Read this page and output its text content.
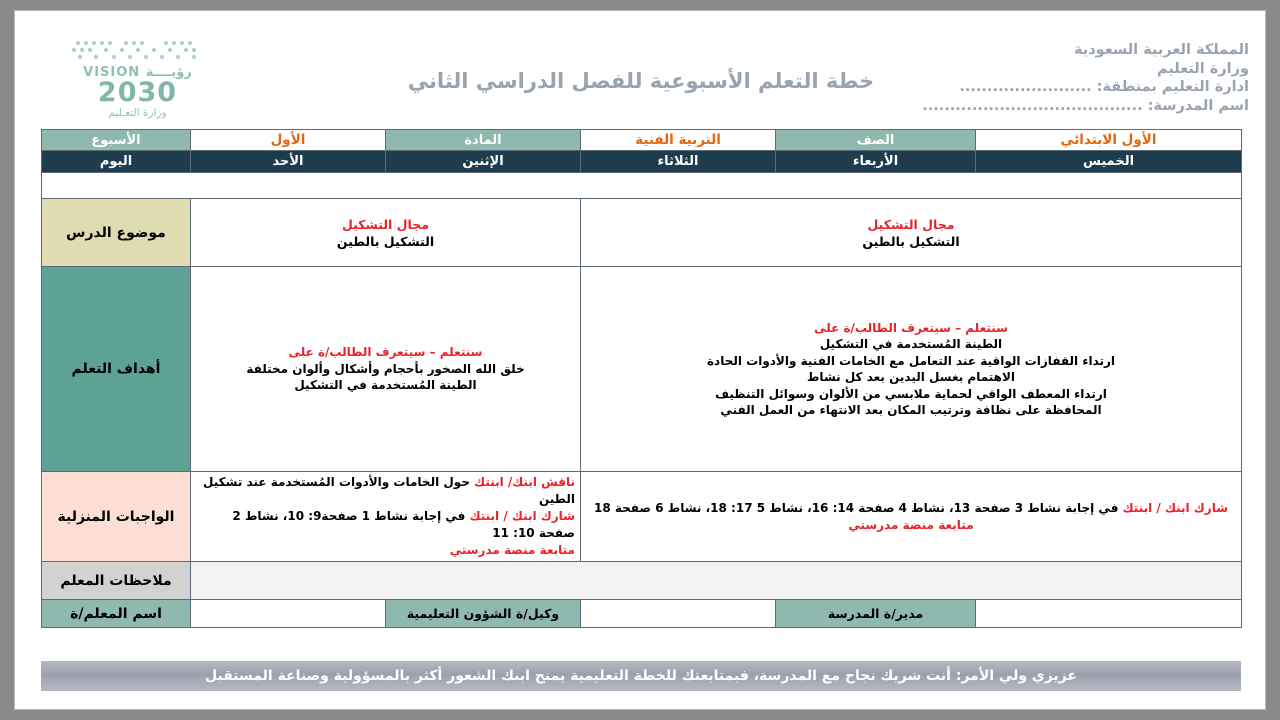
VISION رؤيــــة
2030
وزارة التعـليم
خطة التعلم الأسبوعية للفصل الدراسي الثاني
المملكة العربية السعودية
وزارة التعليم
ادارة التعليم بمنطقة: ........................
اسم المدرسة: ........................................
الأول الابتدائي	الصف	التربية الفنية	المادة	الأول	الأسبوع
الخميس	الأربعاء	الثلاثاء	الإثنين	الأحد	اليوم

مجال التشكيل
التشكيل بالطين

مجال التشكيل
التشكيل بالطين
	موضوع الدرس

سنتعلم – سيتعرف الطالب/ة على
الطينة المُستخدمة في التشكيل
ارتداء القفازات الواقية عند التعامل مع الخامات الفنية والأدوات الحادة
الاهتمام بغسل اليدين بعد كل نشاط
ارتداء المعطف الواقي لحماية ملابسي من الألوان وسوائل التنظيف
المحافظة على نظافة وترتيب المكان بعد الانتهاء من العمل الفني

سنتعلم – سيتعرف الطالب/ة على
خلق الله الصخور بأحجام وأشكال وألوان مختلفة
الطينة المُستخدمة في التشكيل
	أهداف التعلم

شارك ابنك / ابنتك في إجابة نشاط 3 صفحة 13، نشاط 4 صفحة 14: 16، نشاط 5 17: 18، نشاط 6 صفحة 18
متابعة منصة مدرستي

ناقش ابنك/ ابنتك حول الخامات والأدوات المُستخدمة عند تشكيل الطين
شارك ابنك / ابنتك في إجابة نشاط 1 صفحة9: 10، نشاط 2 صفحة 10: 11
متابعة منصة مدرستي
	الواجبات المنزلية
					ملاحظات المعلم
	مدير/ة المدرسة		وكيل/ة الشؤون التعليمية		اسم المعلم/ة
عزيزي ولي الأمر: أنت شريك نجاح مع المدرسة، فبمتابعتك للخطة التعليمية يمنح ابنك الشعور أكثر بالمسؤولية وصناعة المستقبل
